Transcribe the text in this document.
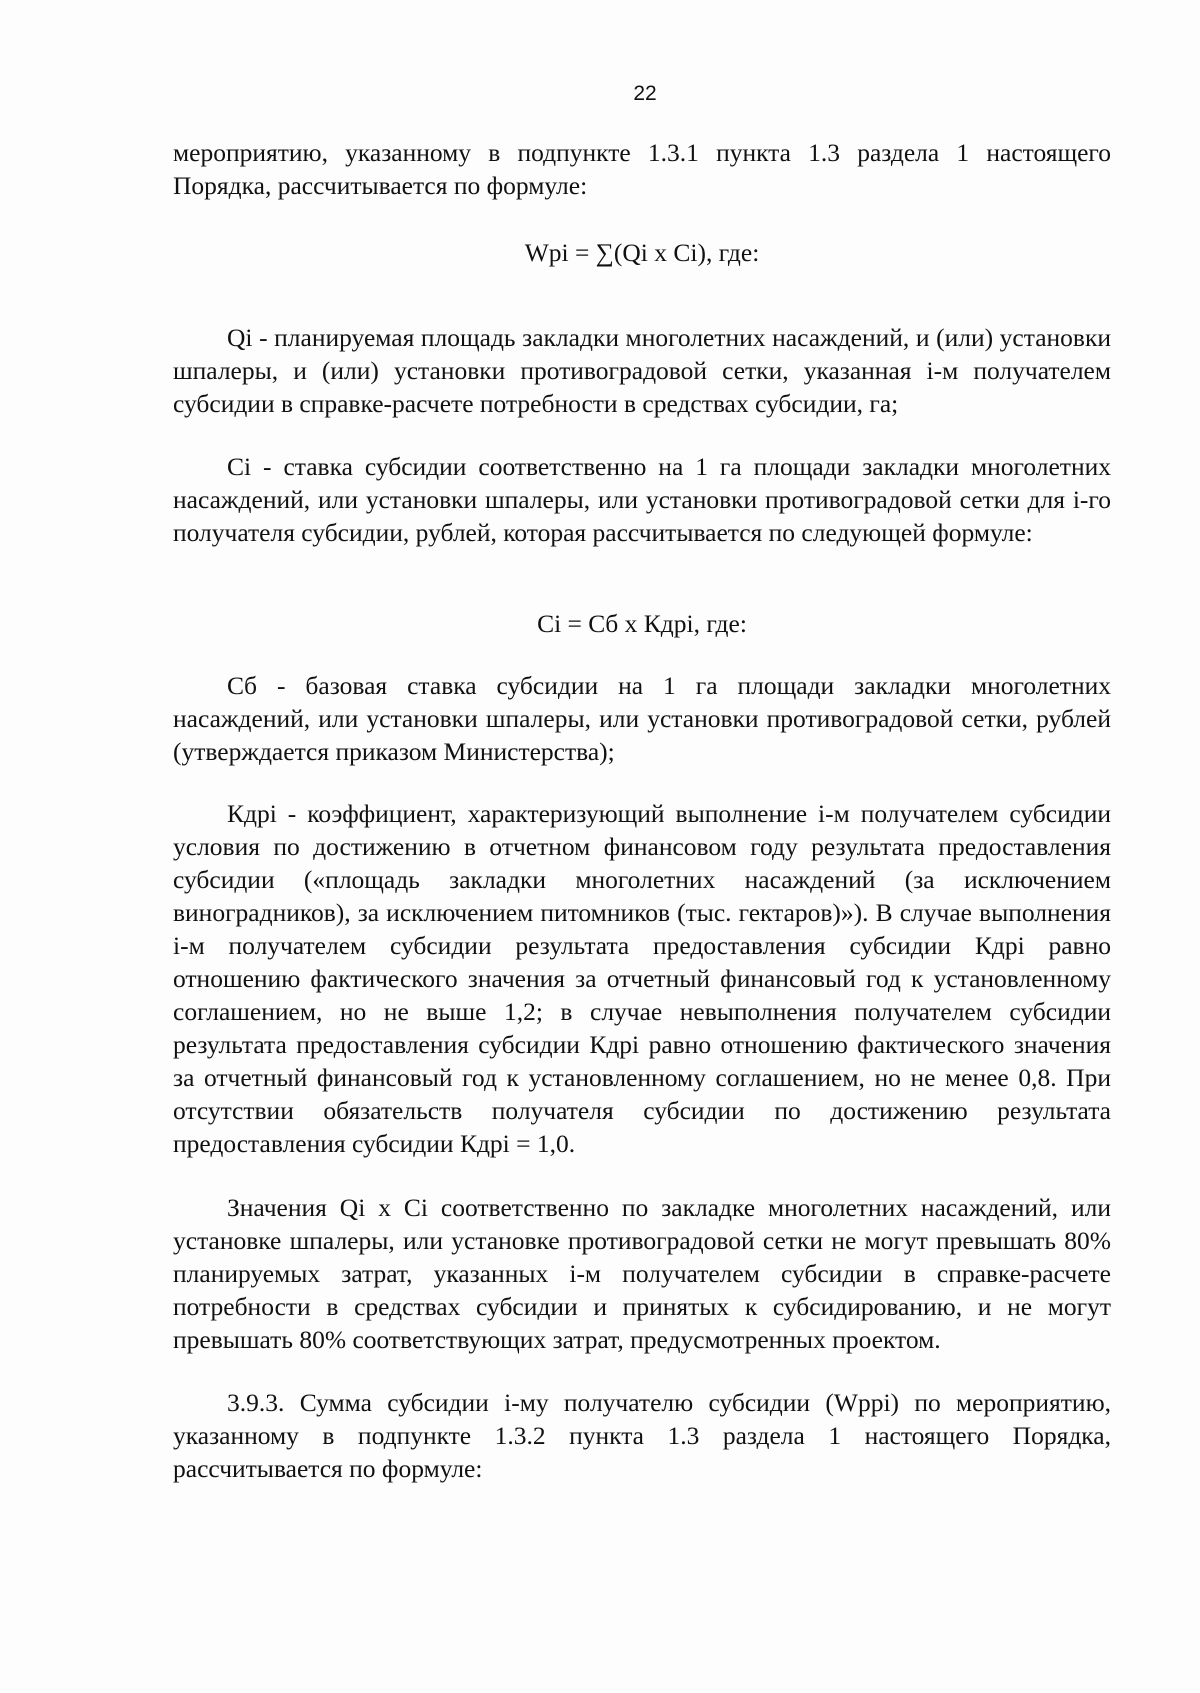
22

мероприятию, указанному в подпункте 1.3.1 пункта 1.3 раздела 1 настоящего Порядка, рассчитывается по формуле:

Wpi = ∑(Qi x Ci), где:

Qi - планируемая площадь закладки многолетних насаждений, и (или) установки шпалеры, и (или) установки противоградовой сетки, указанная i-м получателем субсидии в справке-расчете потребности в средствах субсидии, га;

Ci - ставка субсидии соответственно на 1 га площади закладки многолетних насаждений, или установки шпалеры, или установки противоградовой сетки для i-го получателя субсидии, рублей, которая рассчитывается по следующей формуле:

Ci = Cб x Кдрi, где:

Cб - базовая ставка субсидии на 1 га площади закладки многолетних насаждений, или установки шпалеры, или установки противоградовой сетки, рублей (утверждается приказом Министерства);

Кдрi - коэффициент, характеризующий выполнение i-м получателем субсидии условия по достижению в отчетном финансовом году результата предоставления субсидии («площадь закладки многолетних насаждений (за исключением виноградников), за исключением питомников (тыс. гектаров)»). В случае выполнения i-м получателем субсидии результата предоставления субсидии Кдрi равно отношению фактического значения за отчетный финансовый год к установленному соглашением, но не выше 1,2; в случае невыполнения получателем субсидии результата предоставления субсидии Кдрi равно отношению фактического значения за отчетный финансовый год к установленному соглашением, но не менее 0,8. При отсутствии обязательств получателя субсидии по достижению результата предоставления субсидии Кдрi = 1,0.

Значения Qi x Ci соответственно по закладке многолетних насаждений, или установке шпалеры, или установке противоградовой сетки не могут превышать 80% планируемых затрат, указанных i-м получателем субсидии в справке-расчете потребности в средствах субсидии и принятых к субсидированию, и не могут превышать 80% соответствующих затрат, предусмотренных проектом.

3.9.3. Сумма субсидии i-му получателю субсидии (Wppi) по мероприятию, указанному в подпункте 1.3.2 пункта 1.3 раздела 1 настоящего Порядка, рассчитывается по формуле:
